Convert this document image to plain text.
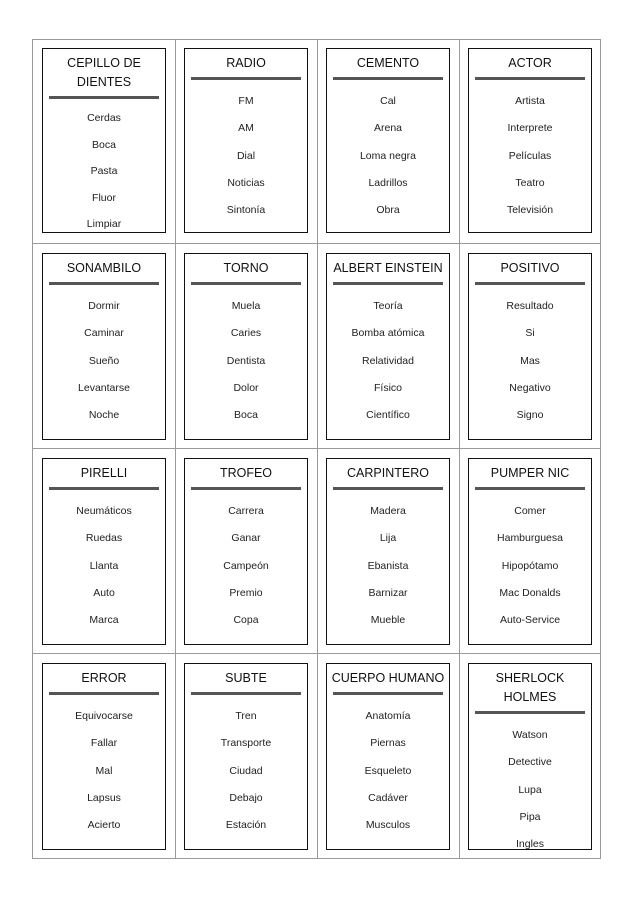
CEPILLO DE DIENTES
Cerdas
Boca
Pasta
Fluor
Limpiar
RADIO
FM
AM
Dial
Noticias
Sintonía
CEMENTO
Cal
Arena
Loma negra
Ladrillos
Obra
ACTOR
Artista
Interprete
Películas
Teatro
Televisión
SONAMBILO
Dormir
Caminar
Sueño
Levantarse
Noche
TORNO
Muela
Caries
Dentista
Dolor
Boca
ALBERT EINSTEIN
Teoría
Bomba atómica
Relatividad
Físico
Científico
POSITIVO
Resultado
Si
Mas
Negativo
Signo
PIRELLI
Neumáticos
Ruedas
Llanta
Auto
Marca
TROFEO
Carrera
Ganar
Campeón
Premio
Copa
CARPINTERO
Madera
Lija
Ebanista
Barnizar
Mueble
PUMPER NIC
Comer
Hamburguesa
Hipopótamo
Mac Donalds
Auto-Service
ERROR
Equivocarse
Fallar
Mal
Lapsus
Acierto
SUBTE
Tren
Transporte
Ciudad
Debajo
Estación
CUERPO HUMANO
Anatomía
Piernas
Esqueleto
Cadáver
Musculos
SHERLOCK HOLMES
Watson
Detective
Lupa
Pipa
Ingles
